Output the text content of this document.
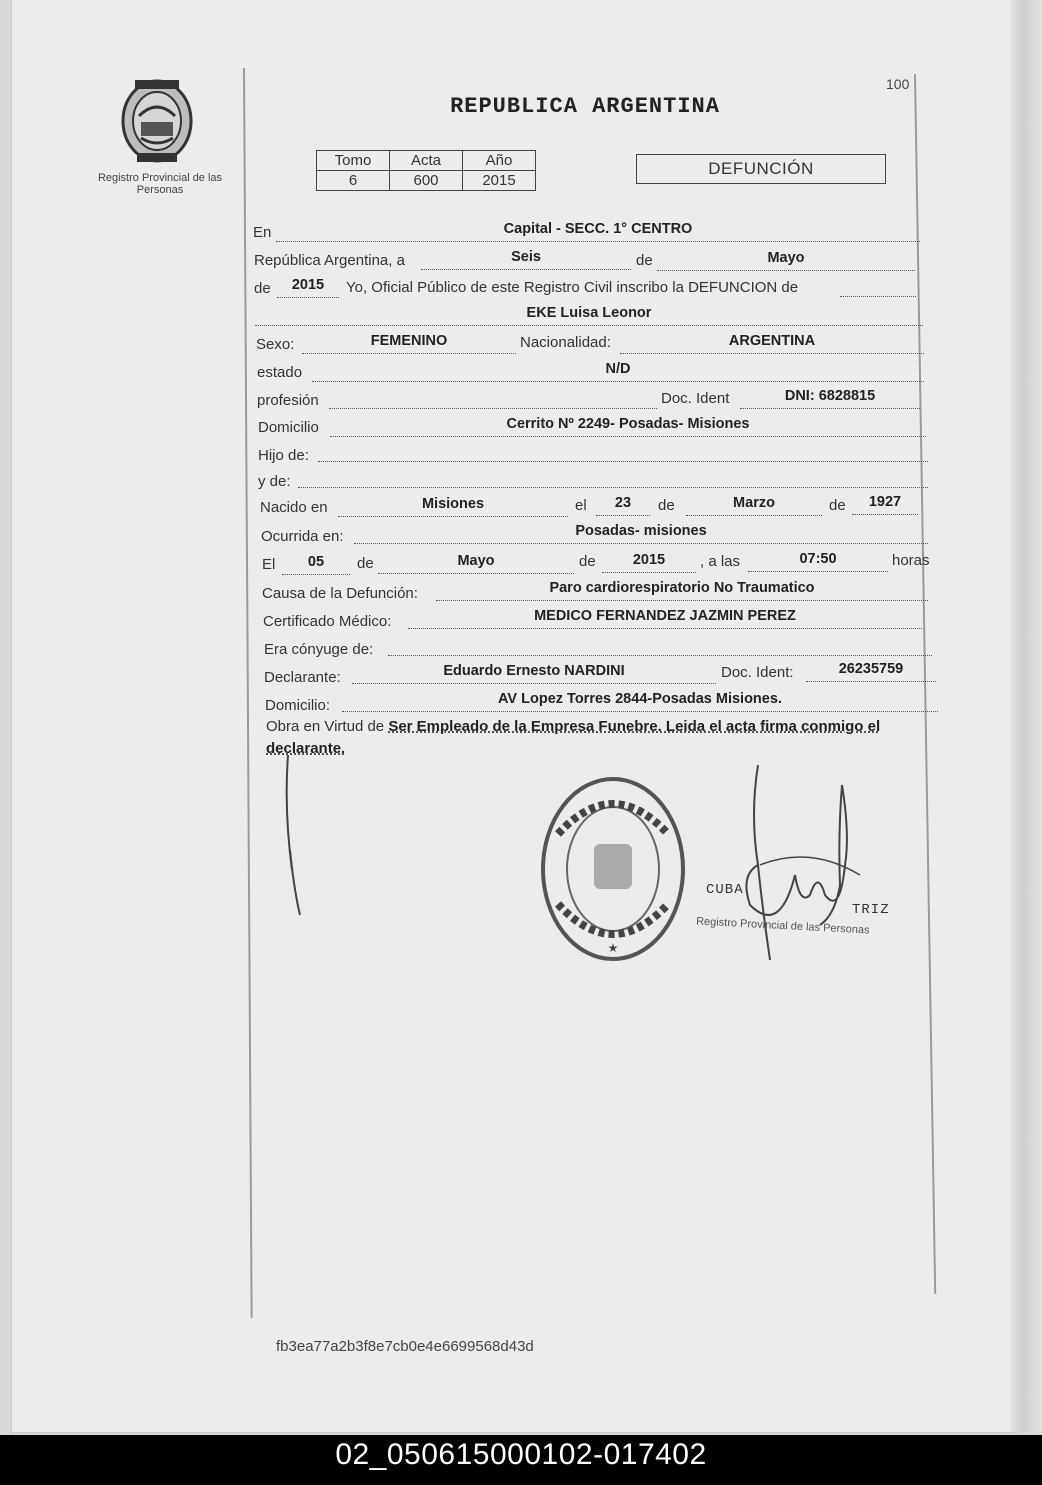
Registro Provincial de las Personas
100
REPUBLICA ARGENTINA
Tomo	Acta	Año
6	600	2015
DEFUNCIÓN
En	Capital - SECC. 1° CENTRO
República Argentina, a	Seis	de	Mayo
de	2015	Yo, Oficial Público de este Registro Civil inscribo la DEFUNCION de
EKE Luisa Leonor
Sexo:	FEMENINO	Nacionalidad:	ARGENTINA
estado	N/D
profesión	Doc. Ident	DNI: 6828815
Domicilio	Cerrito Nº 2249- Posadas- Misiones
Hijo de:
y de:
Nacido en	Misiones	el	23	de	Marzo	de	1927
Ocurrida en:	Posadas- misiones
El	05	de	Mayo	de	2015	, a las	07:50	horas
Causa de la Defunción:	Paro cardiorespiratorio No Traumatico
Certificado Médico:	MEDICO FERNANDEZ JAZMIN PEREZ
Era cónyuge de:
Declarante:	Eduardo Ernesto NARDINI	Doc. Ident:	26235759
Domicilio:	AV Lopez Torres 2844-Posadas Misiones.
Obra en Virtud de Ser Empleado de la Empresa Funebre. Leida el acta firma conmigo el declarante.
★
CUBA
TRIZ
Registro Provincial de las Personas
fb3ea77a2b3f8e7cb0e4e6699568d43d
02_050615000102-017402
